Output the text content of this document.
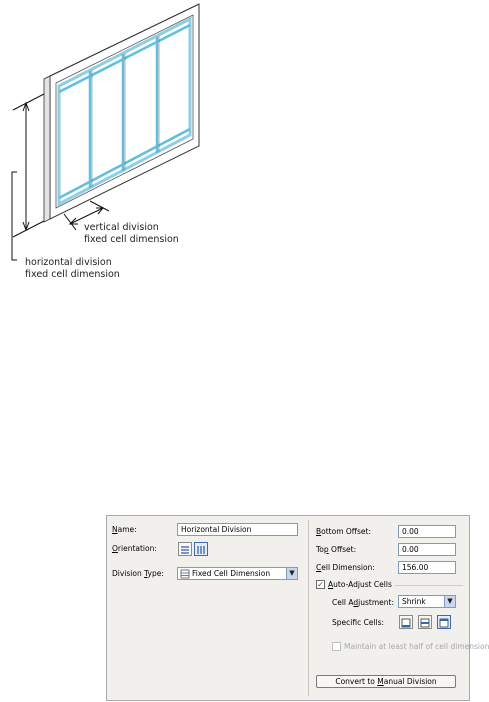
vertical division
fixed cell dimension
horizontal division
fixed cell dimension
Name:	Horizontal Division
Orientation:
Division Type:	Fixed Cell Dimension	▼
Bottom Offset:	0.00
Top Offset:	0.00
Cell Dimension:	156.00
✓ Auto-Adjust Cells
Cell Adjustment:	Shrink	▼
Specific Cells:
Maintain at least half of cell dimension
Convert to Manual Division
